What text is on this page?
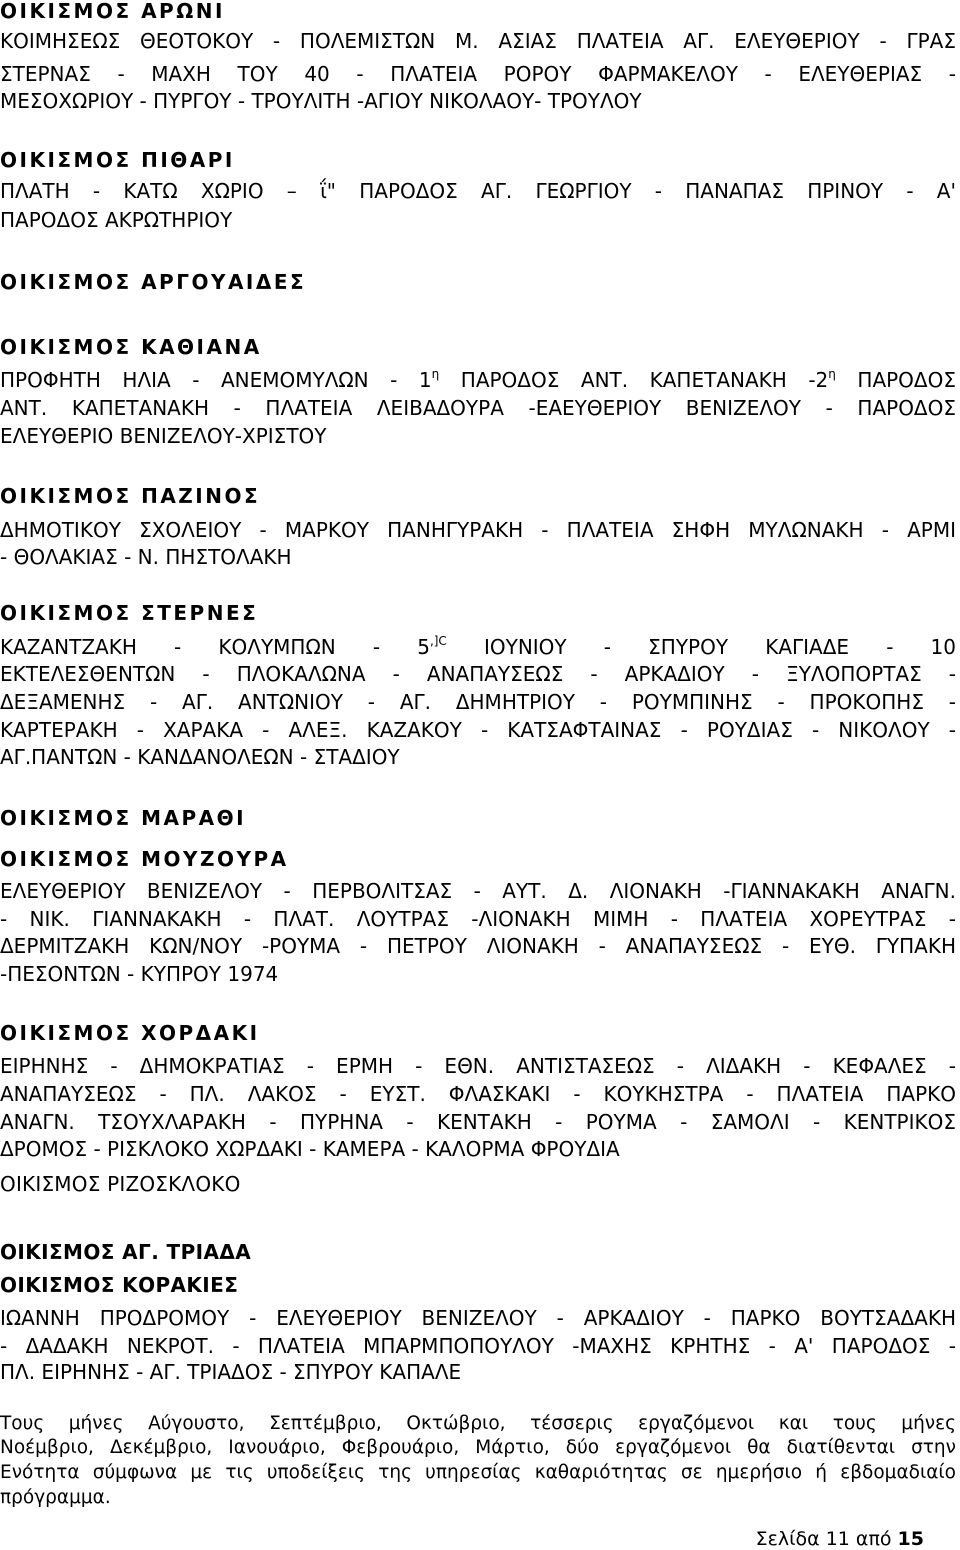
ΟΙΚΙΣΜΟΣ ΑΡΩΝΙ
ΚΟΙΜΗΣΕΩΣ ΘΕΟΤΟΚΟΥ - ΠΟΛΕΜΙΣΤΩΝ Μ. ΑΣΙΑΣ ΠΛΑΤΕΙΑ ΑΓ. ΕΛΕΥΘΕΡΙΟΥ - ΓΡΑΣ
ΣΤΕΡΝΑΣ - ΜΑΧΗ ΤΟΥ 40 - ΠΛΑΤΕΙΑ ΡΟΡΟΥ ΦΑΡΜΑΚΕΛΟΥ - ΕΛΕΥΘΕΡΙΑΣ -
ΜΕΣΟΧΩΡΙΟΥ - ΠΥΡΓΟΥ - ΤΡΟΥΛΙΤΗ -ΑΓΙΟΥ ΝΙΚΟΛΑΟΥ- ΤΡΟΥΛΟΥ
ΟΙΚΙΣΜΟΣ ΠΙΘΑΡΙ
ΠΛΑΤΗ - ΚΑΤΩ ΧΩΡΙΟ – ΐ" ΠΑΡΟΔΟΣ ΑΓ. ΓΕΩΡΓΙΟΥ - ΠΑΝΑΠΑΣ ΠΡΙΝΟΥ - Α'
ΠΑΡΟΔΟΣ ΑΚΡΩΤΗΡΙΟΥ
ΟΙΚΙΣΜΟΣ ΑΡΓΟΥΑΙΔΕΣ
ΟΙΚΙΣΜΟΣ ΚΑΘΙΑΝΑ
ΠΡΟΦΗΤΗ ΗΛΙΑ - ΑΝΕΜΟΜΥΛΩΝ - $1^\eta$ ΠΑΡΟΔΟΣ ΑΝΤ. ΚΑΠΕΤΑΝΑΚΗ $-2^\eta$ ΠΑΡΟΔΟΣ
ΑΝΤ. ΚΑΠΕΤΑΝΑΚΗ - ΠΛΑΤΕΙΑ ΛΕΙΒΑΔΟΥΡΑ -ΕΑΕΥΘΕΡΙΟΥ ΒΕΝΙΖΕΛΟΥ - ΠΑΡΟΔΟΣ
ΕΛΕΥΘΕΡΙΟ ΒΕΝΙΖΕΛΟΥ-ΧΡΙΣΤΟΥ
ΟΙΚΙΣΜΟΣ ΠΑΖΙΝΟΣ
ΔΗΜΟΤΙΚΟΥ ΣΧΟΛΕΙΟΥ - ΜΑΡΚΟΥ ΠΑΝΗΓΥΡΑΚΗ - ΠΛΑΤΕΙΑ ΣΗΦΗ ΜΥΛΩΝΑΚΗ - ΑΡΜΙ
- ΘΟΛΑΚΙΑΣ - Ν. ΠΗΣΤΟΛΑΚΗ
ΟΙΚΙΣΜΟΣ ΣΤΕΡΝΕΣ
ΚΑΖΑΝΤΖΑΚΗ - ΚΟΛΥΜΠΩΝ - $5^{,]C}$ ΙΟΥΝΙΟΥ - ΣΠΥΡΟΥ ΚΑΓΙΑΔΕ - 10
ΕΚΤΕΛΕΣΘΕΝΤΩΝ - ΠΛΟΚΑΛΩΝΑ - ΑΝΑΠΑΥΣΕΩΣ - ΑΡΚΑΔΙΟΥ - ΞΥΛΟΠΟΡΤΑΣ -
ΔΕΞΑΜΕΝΗΣ - ΑΓ. ΑΝΤΩΝΙΟΥ - ΑΓ. ΔΗΜΗΤΡΙΟΥ - ΡΟΥΜΠΙΝΗΣ - ΠΡΟΚΟΠΗΣ -
ΚΑΡΤΕΡΑΚΗ - ΧΑΡΑΚΑ - ΑΛΕΞ. ΚΑΖΑΚΟΥ - ΚΑΤΣΑΦΤΑΙΝΑΣ - ΡΟΥΔΙΑΣ - ΝΙΚΟΛΟΥ -
ΑΓ.ΠΑΝΤΩΝ - ΚΑΝΔΑΝΟΛΕΩΝ - ΣΤΑΔΙΟΥ
ΟΙΚΙΣΜΟΣ ΜΑΡΑΘΙ
ΟΙΚΙΣΜΟΣ ΜΟΥΖΟΥΡΑ
ΕΛΕΥΘΕΡΙΟΥ ΒΕΝΙΖΕΛΟΥ - ΠΕΡΒΟΛΙΤΣΑΣ - ΑΥΤ. Δ. ΛΙΟΝΑΚΗ -ΓΙΑΝΝΑΚΑΚΗ ΑΝΑΓΝ.
- ΝΙΚ. ΓΙΑΝΝΑΚΑΚΗ - ΠΛΑΤ. ΛΟΥΤΡΑΣ -ΛΙΟΝΑΚΗ ΜΙΜΗ - ΠΛΑΤΕΙΑ ΧΟΡΕΥΤΡΑΣ -
ΔΕΡΜΙΤΖΑΚΗ ΚΩΝ/ΝΟΥ -ΡΟΥΜΑ - ΠΕΤΡΟΥ ΛΙΟΝΑΚΗ - ΑΝΑΠΑΥΣΕΩΣ - ΕΥΘ. ΓΥΠΑΚΗ
-ΠΕΣΟΝΤΩΝ - ΚΥΠΡΟΥ 1974
ΟΙΚΙΣΜΟΣ ΧΟΡΔΑΚΙ
ΕΙΡΗΝΗΣ - ΔΗΜΟΚΡΑΤΙΑΣ - ΕΡΜΗ - ΕΘΝ. ΑΝΤΙΣΤΑΣΕΩΣ - ΛΙΔΑΚΗ - ΚΕΦΑΛΕΣ -
ΑΝΑΠΑΥΣΕΩΣ - ΠΛ. ΛΑΚΟΣ - ΕΥΣΤ. ΦΛΑΣΚΑΚΙ - ΚΟΥΚΗΣΤΡΑ - ΠΛΑΤΕΙΑ ΠΑΡΚΟ
ΑΝΑΓΝ. ΤΣΟΥΧΛΑΡΑΚΗ - ΠΥΡΗΝΑ - ΚΕΝΤΑΚΗ - ΡΟΥΜΑ - ΣΑΜΟΛΙ - ΚΕΝΤΡΙΚΟΣ
ΔΡΟΜΟΣ - ΡΙΣΚΛΟΚΟ ΧΩΡΔΑΚΙ - ΚΑΜΕΡΑ - ΚΑΛΟΡΜΑ ΦΡΟΥΔΙΑ
ΟΙΚΙΣΜΟΣ ΡΙΖΟΣΚΛΟΚΟ
ΟΙΚΙΣΜΟΣ ΑΓ. ΤΡΙΑΔΑ
ΟΙΚΙΣΜΟΣ ΚΟΡΑΚΙΕΣ
ΙΩΑΝΝΗ ΠΡΟΔΡΟΜΟΥ - ΕΛΕΥΘΕΡΙΟΥ ΒΕΝΙΖΕΛΟΥ - ΑΡΚΑΔΙΟΥ - ΠΑΡΚΟ ΒΟΥΤΣΑΔΑΚΗ
- ΔΑΔΑΚΗ ΝΕΚΡΟΤ. - ΠΛΑΤΕΙΑ ΜΠΑΡΜΠΟΠΟΥΛΟΥ -ΜΑΧΗΣ ΚΡΗΤΗΣ - Α' ΠΑΡΟΔΟΣ -
ΠΛ. ΕΙΡΗΝΗΣ - ΑΓ. ΤΡΙΑΔΟΣ - ΣΠΥΡΟΥ ΚΑΠΑΛΕ
Τους μήνες Αύγουστο, Σεπτέμβριο, Οκτώβριο, τέσσερις εργαζόμενοι και τους μήνες
Νοέμβριο, Δεκέμβριο, Ιανουάριο, Φεβρουάριο, Μάρτιο, δύο εργαζόμενοι θα διατίθενται στην
Ενότητα σύμφωνα με τις υποδείξεις της υπηρεσίας καθαριότητας σε ημερήσιο ή εβδομαδιαίο
πρόγραμμα.
Σελίδα 11 από 15
